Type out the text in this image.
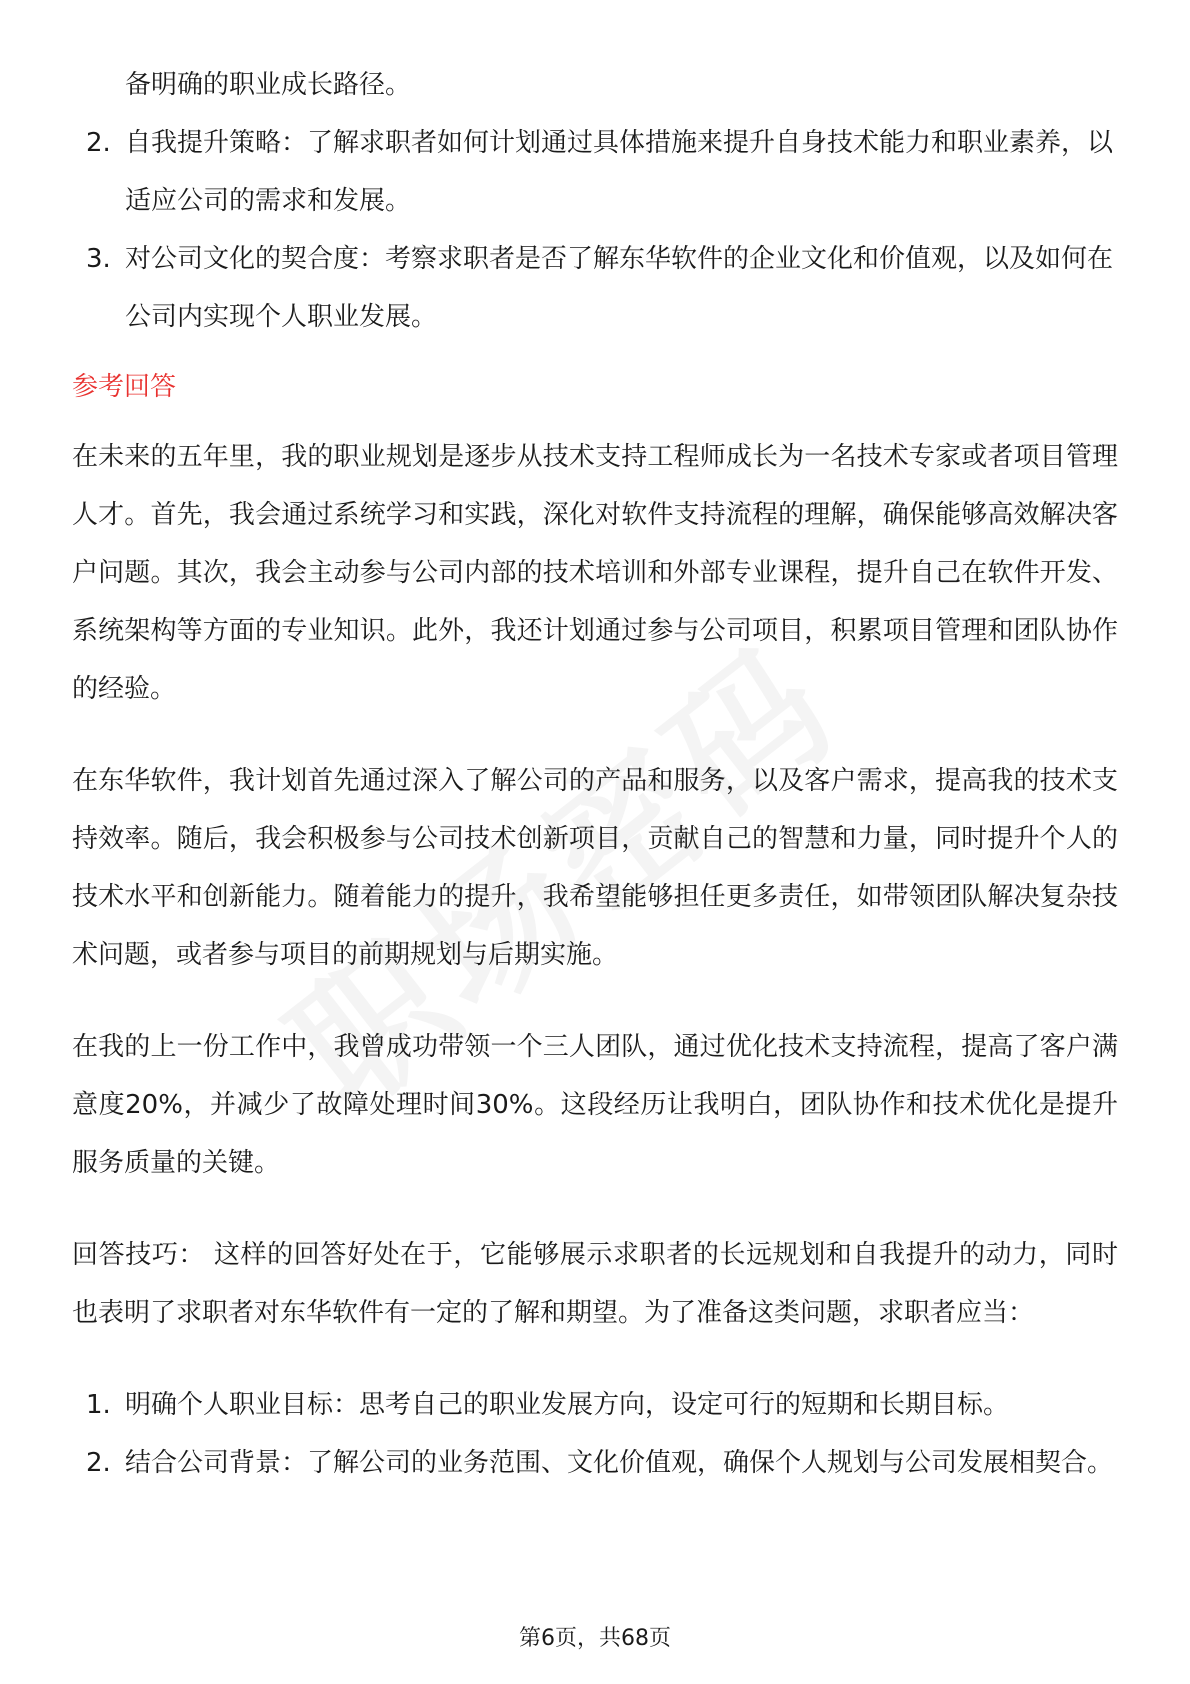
备明确的职业成长路径。
2. 自我提升策略：了解求职者如何计划通过具体措施来提升自身技术能力和职业素养，以适应公司的需求和发展。
3. 对公司文化的契合度：考察求职者是否了解东华软件的企业文化和价值观，以及如何在公司内实现个人职业发展。
参考回答

在未来的五年里，我的职业规划是逐步从技术支持工程师成长为一名技术专家或者项目管理人才。首先，我会通过系统学习和实践，深化对软件支持流程的理解，确保能够高效解决客户问题。其次，我会主动参与公司内部的技术培训和外部专业课程，提升自己在软件开发、系统架构等方面的专业知识。此外，我还计划通过参与公司项目，积累项目管理和团队协作的经验。

在东华软件，我计划首先通过深入了解公司的产品和服务，以及客户需求，提高我的技术支持效率。随后，我会积极参与公司技术创新项目，贡献自己的智慧和力量，同时提升个人的技术水平和创新能力。随着能力的提升，我希望能够担任更多责任，如带领团队解决复杂技术问题，或者参与项目的前期规划与后期实施。

在我的上一份工作中，我曾成功带领一个三人团队，通过优化技术支持流程，提高了客户满意度20%，并减少了故障处理时间30%。这段经历让我明白，团队协作和技术优化是提升服务质量的关键。

回答技巧： 这样的回答好处在于，它能够展示求职者的长远规划和自我提升的动力，同时也表明了求职者对东华软件有一定的了解和期望。为了准备这类问题，求职者应当：

1. 明确个人职业目标：思考自己的职业发展方向，设定可行的短期和长期目标。
2. 结合公司背景：了解公司的业务范围、文化价值观，确保个人规划与公司发展相契合。
第6页，共68页
